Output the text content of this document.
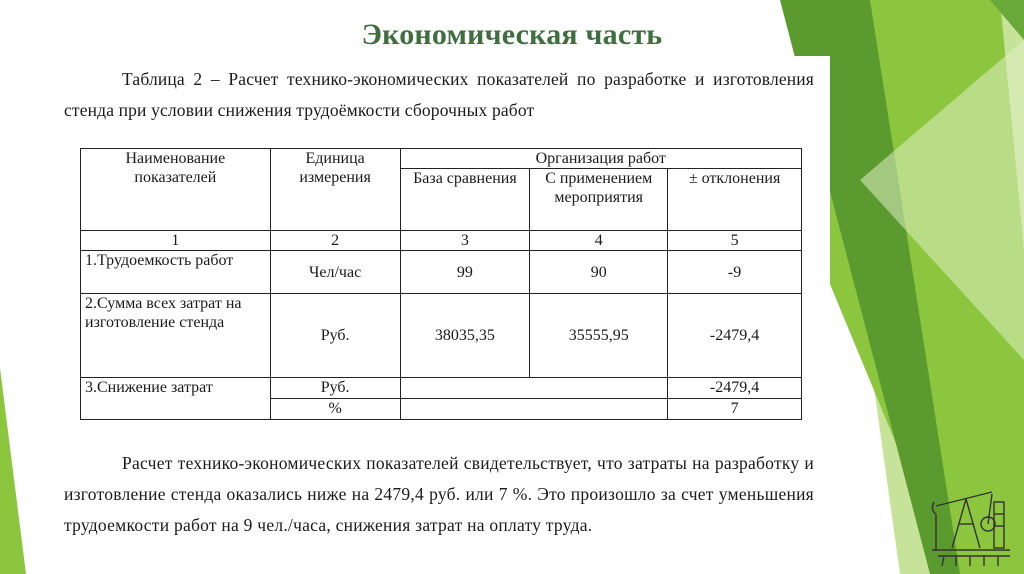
Экономическая часть
Таблица 2 – Расчет технико-экономических показателей по разработке и изготовления стенда при условии снижения трудоёмкости сборочных работ
Наименование показателей	Единица измерения	Организация работ		
		База сравнения	С применением мероприятия	± отклонения
1	2	3	4	5
1.Трудоемкость работ	Чел/час	99	90	-9
2.Сумма всех затрат на изготовление стенда	Руб.	38035,35	35555,95	-2479,4
3.Снижение затрат	Руб.			-2479,4
	%			7
Расчет технико-экономических показателей свидетельствует, что затраты на разработку и изготовление стенда оказались ниже на 2479,4 руб. или 7 %. Это произошло за счет уменьшения трудоемкости работ на 9 чел./часа, снижения затрат на оплату труда.
